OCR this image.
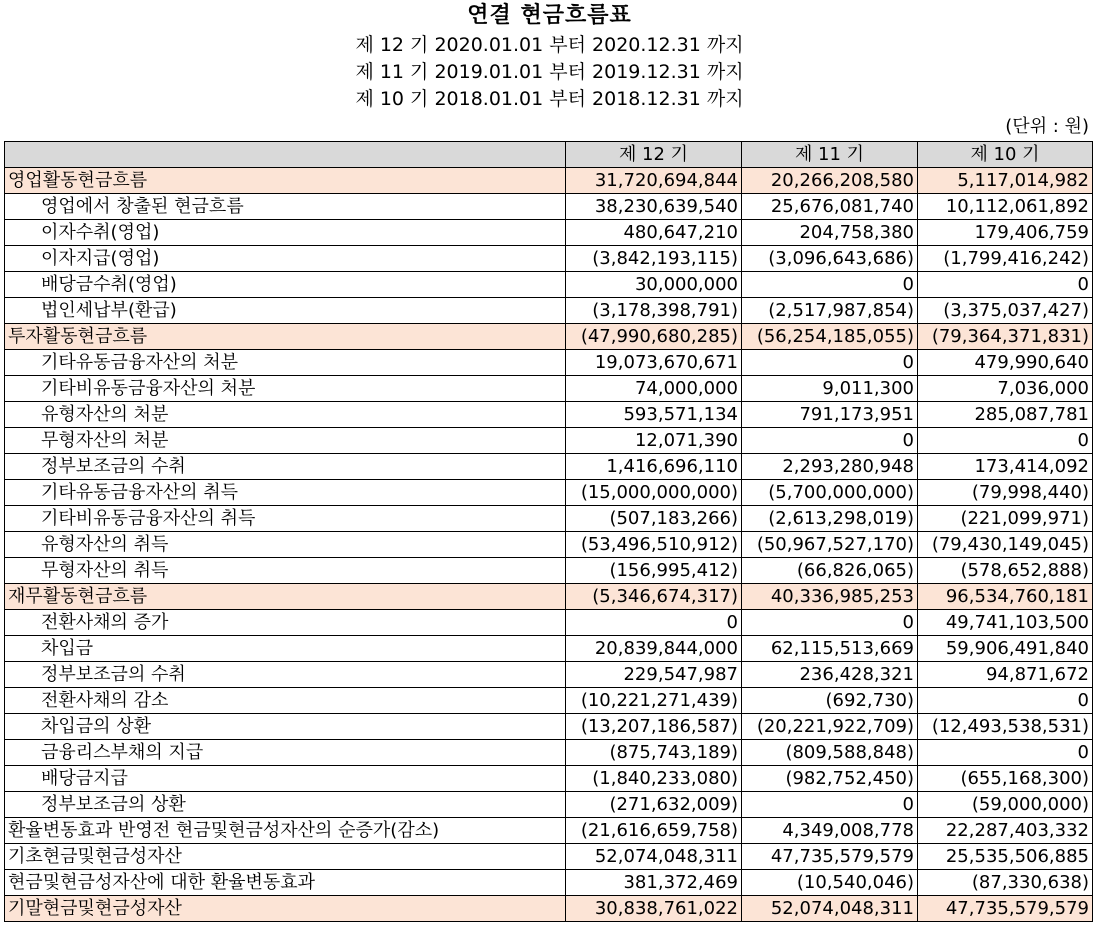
연결 현금흐름표
제 12 기 2020.01.01 부터 2020.12.31 까지
제 11 기 2019.01.01 부터 2019.12.31 까지
제 10 기 2018.01.01 부터 2018.12.31 까지
(단위 : 원)
	제 12 기	제 11 기	제 10 기
영업활동현금흐름	31,720,694,844	20,266,208,580	5,117,014,982
영업에서 창출된 현금흐름	38,230,639,540	25,676,081,740	10,112,061,892
이자수취(영업)	480,647,210	204,758,380	179,406,759
이자지급(영업)	(3,842,193,115)	(3,096,643,686)	(1,799,416,242)
배당금수취(영업)	30,000,000	0	0
법인세납부(환급)	(3,178,398,791)	(2,517,987,854)	(3,375,037,427)
투자활동현금흐름	(47,990,680,285)	(56,254,185,055)	(79,364,371,831)
기타유동금융자산의 처분	19,073,670,671	0	479,990,640
기타비유동금융자산의 처분	74,000,000	9,011,300	7,036,000
유형자산의 처분	593,571,134	791,173,951	285,087,781
무형자산의 처분	12,071,390	0	0
정부보조금의 수취	1,416,696,110	2,293,280,948	173,414,092
기타유동금융자산의 취득	(15,000,000,000)	(5,700,000,000)	(79,998,440)
기타비유동금융자산의 취득	(507,183,266)	(2,613,298,019)	(221,099,971)
유형자산의 취득	(53,496,510,912)	(50,967,527,170)	(79,430,149,045)
무형자산의 취득	(156,995,412)	(66,826,065)	(578,652,888)
재무활동현금흐름	(5,346,674,317)	40,336,985,253	96,534,760,181
전환사채의 증가	0	0	49,741,103,500
차입금	20,839,844,000	62,115,513,669	59,906,491,840
정부보조금의 수취	229,547,987	236,428,321	94,871,672
전환사채의 감소	(10,221,271,439)	(692,730)	0
차입금의 상환	(13,207,186,587)	(20,221,922,709)	(12,493,538,531)
금융리스부채의 지급	(875,743,189)	(809,588,848)	0
배당금지급	(1,840,233,080)	(982,752,450)	(655,168,300)
정부보조금의 상환	(271,632,009)	0	(59,000,000)
환율변동효과 반영전 현금및현금성자산의 순증가(감소)	(21,616,659,758)	4,349,008,778	22,287,403,332
기초현금및현금성자산	52,074,048,311	47,735,579,579	25,535,506,885
현금및현금성자산에 대한 환율변동효과	381,372,469	(10,540,046)	(87,330,638)
기말현금및현금성자산	30,838,761,022	52,074,048,311	47,735,579,579
